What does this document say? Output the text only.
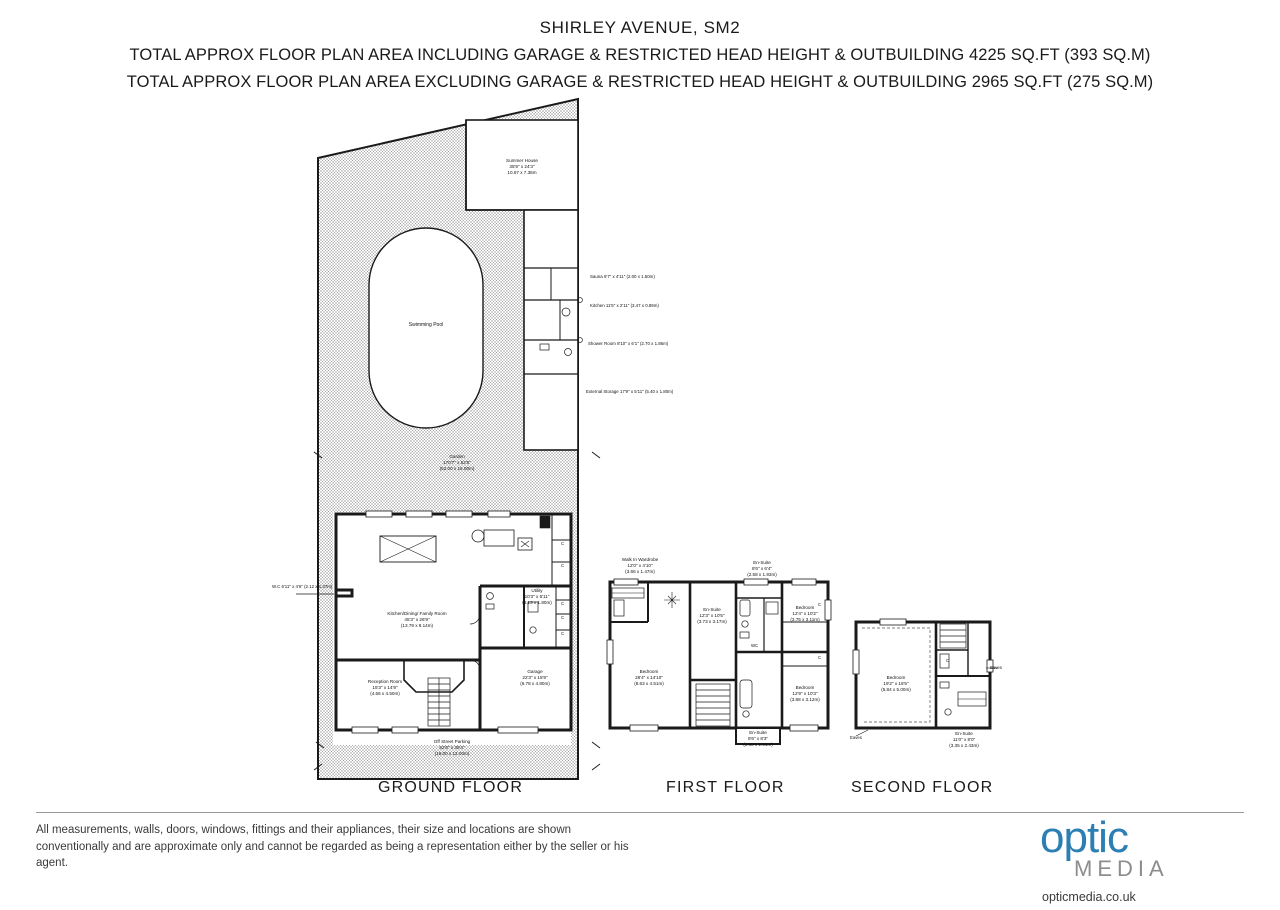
SHIRLEY AVENUE, SM2
TOTAL APPROX FLOOR PLAN AREA INCLUDING GARAGE & RESTRICTED HEAD HEIGHT & OUTBUILDING 4225 SQ.FT (393 SQ.M)
TOTAL APPROX FLOOR PLAN AREA EXCLUDING GARAGE & RESTRICTED HEAD HEIGHT & OUTBUILDING 2965 SQ.FT (275 SQ.M)
Summer House
35'9" x 24'3"
10.67 x 7.38m
Swimming Pool
Sauna 6'7" x 4'11" (2.00 x 1.50m)
Kitchen 11'5" x 2'11" (3.47 x 0.89m)
Shower Room 8'10" x 6'1" (2.70 x 1.86m)
External Storage 17'9" x 5'11" (5.40 x 1.80m)
Garden
170'7" x 52'6"
(52.00 x 16.00m)
W.C 6'11" x 4'6" (2.12 x 1.37m)
Kitchen/Dining/ Family Room
45'3" x 26'9"
(13.79 x 8.14m)
Utility
10'3" x 5'11"
(3.13 x 1.80m)
Reception Room
15'3" x 14'9"
(4.66 x 4.50m)
Garage
22'3" x 15'9"
(6.78 x 4.80m)
Off Street Parking
52'6" x 39'4"
(16.00 x 12.00m)
Walk In Wardrobe
12'0" x 4'10"
(3.66 x 1.47m)
En-Suite
8'6" x 6'4"
(2.58 x 1.93m)
En-Suite
12'3" x 10'5"
(3.73 x 3.17m)
Bedroom
28'4" x 14'10"
(8.63 x 4.51m)
Bedroom
12'4" x 10'2"
(3.75 x 3.11m)
Bedroom
12'9" x 10'3"
(3.88 x 3.12m)
En-Suite
8'6" x 8'3"
(2.60 x 2.51m)
Bedroom
19'2" x 16'5"
(5.84 x 5.00m)
En-Suite
11'0" x 8'0"
(3.35 x 2.43m)
Eaves
Eaves
C
C
C
C
C
C
C
C
WC
GROUND FLOOR	FIRST FLOOR	SECOND FLOOR
All measurements, walls, doors, windows, fittings and their appliances, their size and locations are shown conventionally and are approximate only and cannot be regarded as being a representation either by the seller or his agent.
optic
MEDIA
opticmedia.co.uk
